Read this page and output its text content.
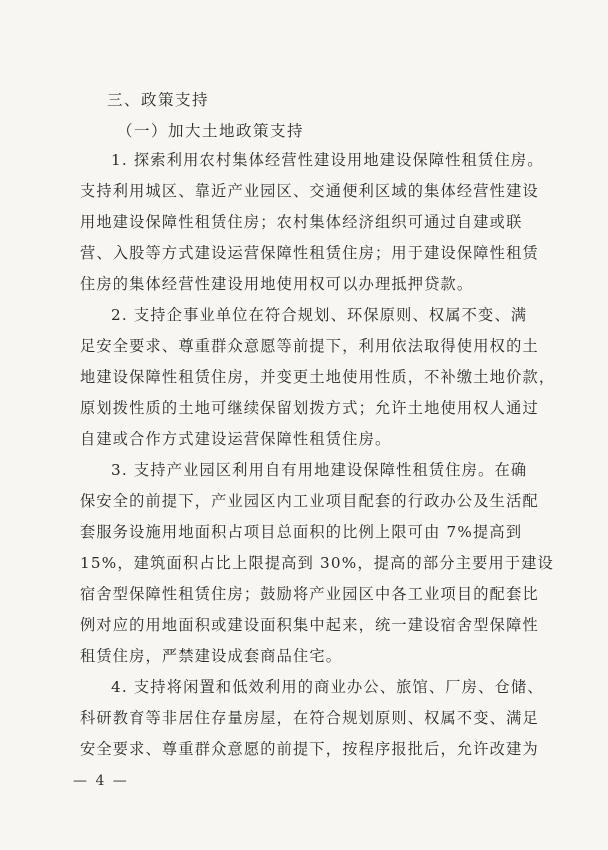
三、政策支持
（一）加大土地政策支持
1. 探索利用农村集体经营性建设用地建设保障性租赁住房。
支持利用城区、靠近产业园区、交通便利区域的集体经营性建设
用地建设保障性租赁住房；农村集体经济组织可通过自建或联
营、入股等方式建设运营保障性租赁住房；用于建设保障性租赁
住房的集体经营性建设用地使用权可以办理抵押贷款。
2. 支持企事业单位在符合规划、环保原则、权属不变、满
足安全要求、尊重群众意愿等前提下，利用依法取得使用权的土
地建设保障性租赁住房，并变更土地使用性质，不补缴土地价款，
原划拨性质的土地可继续保留划拨方式；允许土地使用权人通过
自建或合作方式建设运营保障性租赁住房。
3. 支持产业园区利用自有用地建设保障性租赁住房。在确
保安全的前提下，产业园区内工业项目配套的行政办公及生活配
套服务设施用地面积占项目总面积的比例上限可由 7%提高到
15%，建筑面积占比上限提高到 30%，提高的部分主要用于建设
宿舍型保障性租赁住房；鼓励将产业园区中各工业项目的配套比
例对应的用地面积或建设面积集中起来，统一建设宿舍型保障性
租赁住房，严禁建设成套商品住宅。
4. 支持将闲置和低效利用的商业办公、旅馆、厂房、仓储、
科研教育等非居住存量房屋，在符合规划原则、权属不变、满足
安全要求、尊重群众意愿的前提下，按程序报批后，允许改建为
— 4 —
